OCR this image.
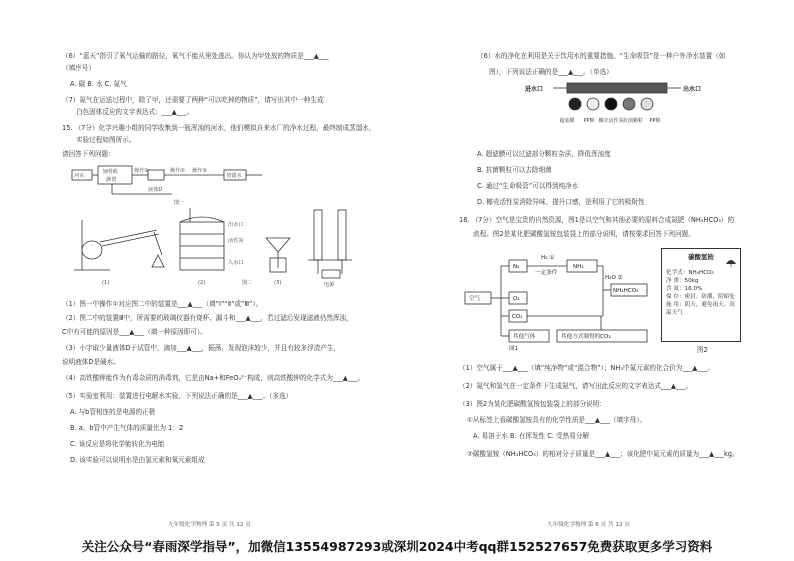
（6）“蓝天”指引了氧气运输的路径，氧气不能从里处逃出。你认为甲处放的物质是___▲___
（填序号）
A. 碳 B. 水 C. 氮气
（7）氮气在运送过程中，除了甲，还需要了两种“可以吃掉的物质”，请写出其中一种生成
白色固体反应的文字表达式：___▲___。
15. （7分）化学兴趣小组的同学收集到一瓶浑浊的河水，他们模拟自来水厂的净水过程，最终制成蒸馏水，
实验过程如图所示。
请回答下列问题：
河水
加明矾
静置
操作①	操作②
液体D
操作③
蒸馏水
图一
图二
(1)	(2)	(3)
出水口
活性炭
入水口
电源
（1）图一中操作①对应图二中的装置是___▲___（填“Ⅰ”“Ⅱ”或“Ⅲ”）。
（2）图二中的装置Ⅲ中，所需要的玻璃仪器有烧杯、漏斗和___▲___，若过滤后发现滤液仍然浑浊，
C中有可能的原因是___▲___（填一种原因即可）。
（3）小宇取少量液体D于试管中，滴加___▲___，振荡，发现泡沫较少，并且有较多浮渣产生，
说明液体D是硬水。
（4）高铁酸钾能作为有毒杂质的消毒剂，它是由Na+和FeO₄²⁻构成，则高铁酸钾的化学式为___▲___。
（5）实验室利用：装置进行电解水实验，下列说法正确的是___▲___。（多选）
A. 与b管相连的是电源的正极
B. a、b管中产生气体的质量比为 1：2
C. 该反应是将化学能转化为电能
D. 该实验可以说明水是由氢元素和氧元素组成
九年级化学物理 第 5 页 共 12 页
（6）水的净化在利用是关于饮用水的重要措施。“生命吸管”是一种户外净水装置（如
图），下列说法正确的是___▲___。（单选）
进水口	出水口
超滤膜 PP棉 椰壳活性炭 抗菌颗粒 PP棉
A. 超滤膜可以过滤部分颗粒杂质，降低浑浊度
B. 抗菌颗粒可以去除细菌
C. 通过“生命吸管”可以得到纯净水
D. 椰壳活性炭消除异味、提升口感，是利用了它的吸附性
16. （7分）空气是宝贵的自然资源，图1是以空气和其他必要的原料合成氮肥（NH₄HCO₃）的
流程。图2是某化肥碳酸氢铵包装袋上的部分说明，请按要求回答下列问题。
空气
N₂
H₂ ①
一定条件
NH₃
H₂O ②
NH₄HCO₃
O₂
CO₂
其他气体	其他方式制得的CO₂
图1
碳酸氢铵
化学式：NH₄HCO₃
净 重：50kg
含 氮：16.0%
保 存：密封、防潮、阴暗处
施 用：阴天，避免雨天、高温天气
图2
（1）空气属于___▲___（填“纯净物”或“混合物”）；NH₃中氮元素的化合价为___▲___。
（2）氮气和氢气在一定条件下生成氨气，请写出此反应的文字表达式___▲___。
（3）图2为某化肥碳酸氢铵包装袋上的部分说明：
①从标签上看碳酸氢铵具有的化学性质是___▲___（填字母）。
A. 易溶于水 B. 有挥发性 C. 受热易分解
②碳酸氢铵（NH₄HCO₃）的相对分子质量是___▲___；该化肥中氮元素的质量为___▲___kg。
九年级化学物理 第 6 页 共 12 页
关注公众号“春雨深学指导”，加微信13554987293或深圳2024中考qq群152527657免费获取更多学习资料
